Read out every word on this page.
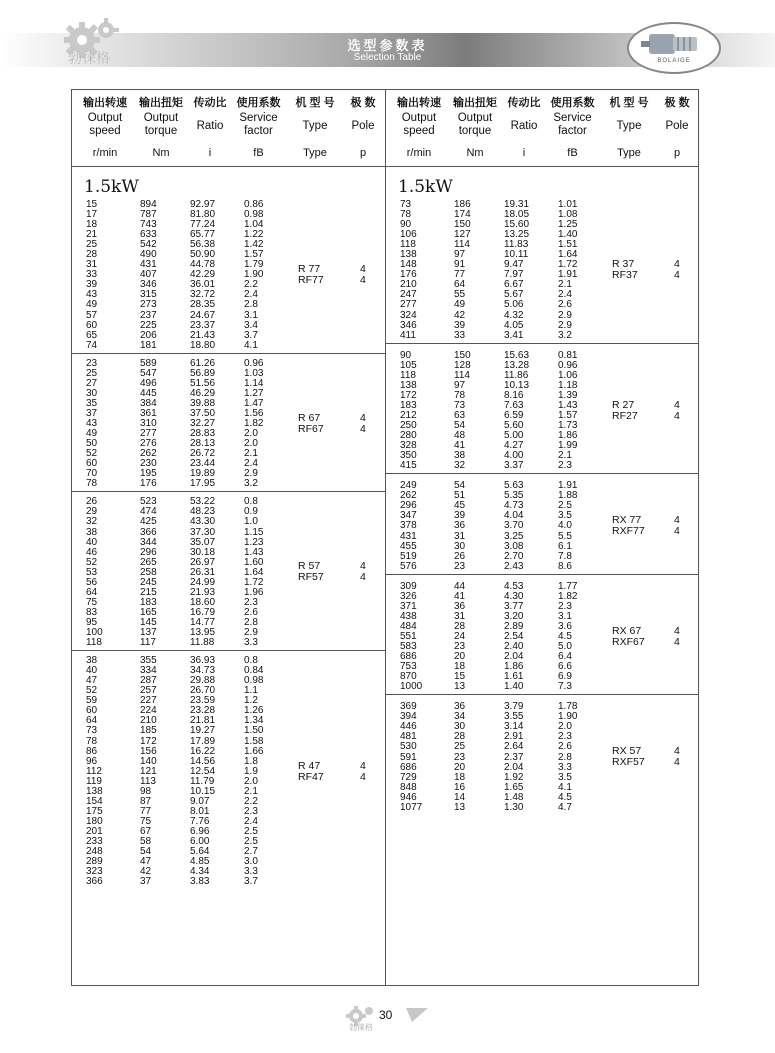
选型参数表
Selection Table
勃徕格	BOLAIGE
输出转速
Output
speed
r/min
输出扭矩
Output
torque
Nm
传动比
Ratio
i
使用系数
Service
factor
fB
机 型 号
Type
Type
极 数
Pole
p
输出转速
Output
speed
r/min
输出扭矩
Output
torque
Nm
传动比
Ratio
i
使用系数
Service
factor
fB
机 型 号
Type
Type
极 数
Pole
p
1.5kW
15
17
18
21
25
28
31
33
39
43
49
57
60
65
74
894
787
743
633
542
490
431
407
346
315
273
237
225
206
181
92.97
81.80
77.24
65.77
56.38
50.90
44.78
42.29
36.01
32.72
28.35
24.67
23.37
21.43
18.80
0.86
0.98
1.04
1.22
1.42
1.57
1.79
1.90
2.2
2.4
2.8
3.1
3.4
3.7
4.1
R 77
RF77
4
4
23
25
27
30
35
37
43
49
50
52
60
70
78
589
547
496
445
384
361
310
277
276
262
230
195
176
61.26
56.89
51.56
46.29
39.88
37.50
32.27
28.83
28.13
26.72
23.44
19.89
17.95
0.96
1.03
1.14
1.27
1.47
1.56
1.82
2.0
2.0
2.1
2.4
2.9
3.2
R 67
RF67
4
4
26
29
32
38
40
46
52
53
56
64
75
83
95
100
118
523
474
425
366
344
296
265
258
245
215
183
165
145
137
117
53.22
48.23
43.30
37.30
35.07
30.18
26.97
26.31
24.99
21.93
18.60
16.79
14.77
13.95
11.88
0.8
0.9
1.0
1.15
1.23
1.43
1.60
1.64
1.72
1.96
2.3
2.6
2.8
2.9
3.3
R 57
RF57
4
4
38
40
47
52
59
60
64
73
78
86
96
112
119
138
154
175
180
201
233
248
289
323
366
355
334
287
257
227
224
210
185
172
156
140
121
113
98
87
77
75
67
58
54
47
42
37
36.93
34.73
29.88
26.70
23.59
23.28
21.81
19.27
17.89
16.22
14.56
12.54
11.79
10.15
9.07
8.01
7.76
6.96
6.00
5.64
4.85
4.34
3.83
0.8
0.84
0.98
1.1
1.2
1.26
1.34
1.50
1.58
1.66
1.8
1.9
2.0
2.1
2.2
2.3
2.4
2.5
2.5
2.7
3.0
3.3
3.7
R 47
RF47
4
4
1.5kW
73
78
90
106
118
138
148
176
210
247
277
324
346
411
186
174
150
127
114
97
91
77
64
55
49
42
39
33
19.31
18.05
15.60
13.25
11.83
10.11
9.47
7.97
6.67
5.67
5.06
4.32
4.05
3.41
1.01
1.08
1.25
1.40
1.51
1.64
1.72
1.91
2.1
2.4
2.6
2.9
2.9
3.2
R 37
RF37
4
4
90
105
118
138
172
183
212
250
280
328
350
415
150
128
114
97
78
73
63
54
48
41
38
32
15.63
13.28
11.86
10.13
8.16
7.63
6.59
5.60
5.00
4.27
4.00
3.37
0.81
0.96
1.06
1.18
1.39
1.43
1.57
1.73
1.86
1.99
2.1
2.3
R 27
RF27
4
4
249
262
296
347
378
431
455
519
576
54
51
45
39
36
31
30
26
23
5.63
5.35
4.73
4.04
3.70
3.25
3.08
2.70
2.43
1.91
1.88
2.5
3.5
4.0
5.5
6.1
7.8
8.6
RX 77
RXF77
4
4
309
326
371
438
484
551
583
686
753
870
1000
44
41
36
31
28
24
23
20
18
15
13
4.53
4.30
3.77
3.20
2.89
2.54
2.40
2.04
1.86
1.61
1.40
1.77
1.82
2.3
3.1
3.6
4.5
5.0
6.4
6.6
6.9
7.3
RX 67
RXF67
4
4
369
394
446
481
530
591
686
729
848
946
1077
36
34
30
28
25
23
20
18
16
14
13
3.79
3.55
3.14
2.91
2.64
2.37
2.04
1.92
1.65
1.48
1.30
1.78
1.90
2.0
2.3
2.6
2.8
3.3
3.5
4.1
4.5
4.7
RX 57
RXF57
4
4
勃徕格
30
